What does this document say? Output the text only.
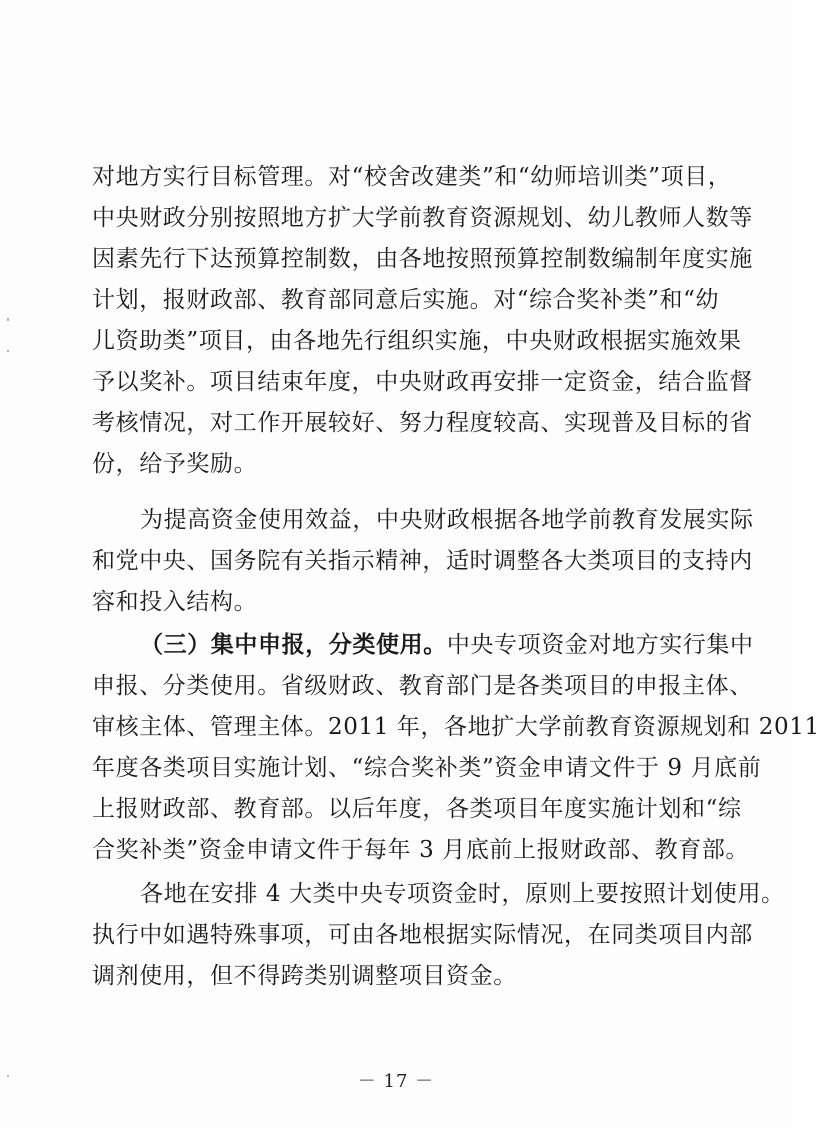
对地方实行目标管理。对“校舍改建类”和“幼师培训类”项目，
中央财政分别按照地方扩大学前教育资源规划、幼儿教师人数等
因素先行下达预算控制数，由各地按照预算控制数编制年度实施
计划，报财政部、教育部同意后实施。对“综合奖补类”和“幼
儿资助类”项目，由各地先行组织实施，中央财政根据实施效果
予以奖补。项目结束年度，中央财政再安排一定资金，结合监督
考核情况，对工作开展较好、努力程度较高、实现普及目标的省
份，给予奖励。
为提高资金使用效益，中央财政根据各地学前教育发展实际
和党中央、国务院有关指示精神，适时调整各大类项目的支持内
容和投入结构。
（三）集中申报，分类使用。中央专项资金对地方实行集中
申报、分类使用。省级财政、教育部门是各类项目的申报主体、
审核主体、管理主体。2011 年，各地扩大学前教育资源规划和 2011
年度各类项目实施计划、“综合奖补类”资金申请文件于 9 月底前
上报财政部、教育部。以后年度，各类项目年度实施计划和“综
合奖补类”资金申请文件于每年 3 月底前上报财政部、教育部。
各地在安排 4 大类中央专项资金时，原则上要按照计划使用。
执行中如遇特殊事项，可由各地根据实际情况，在同类项目内部
调剂使用，但不得跨类别调整项目资金。
－ 17 －
